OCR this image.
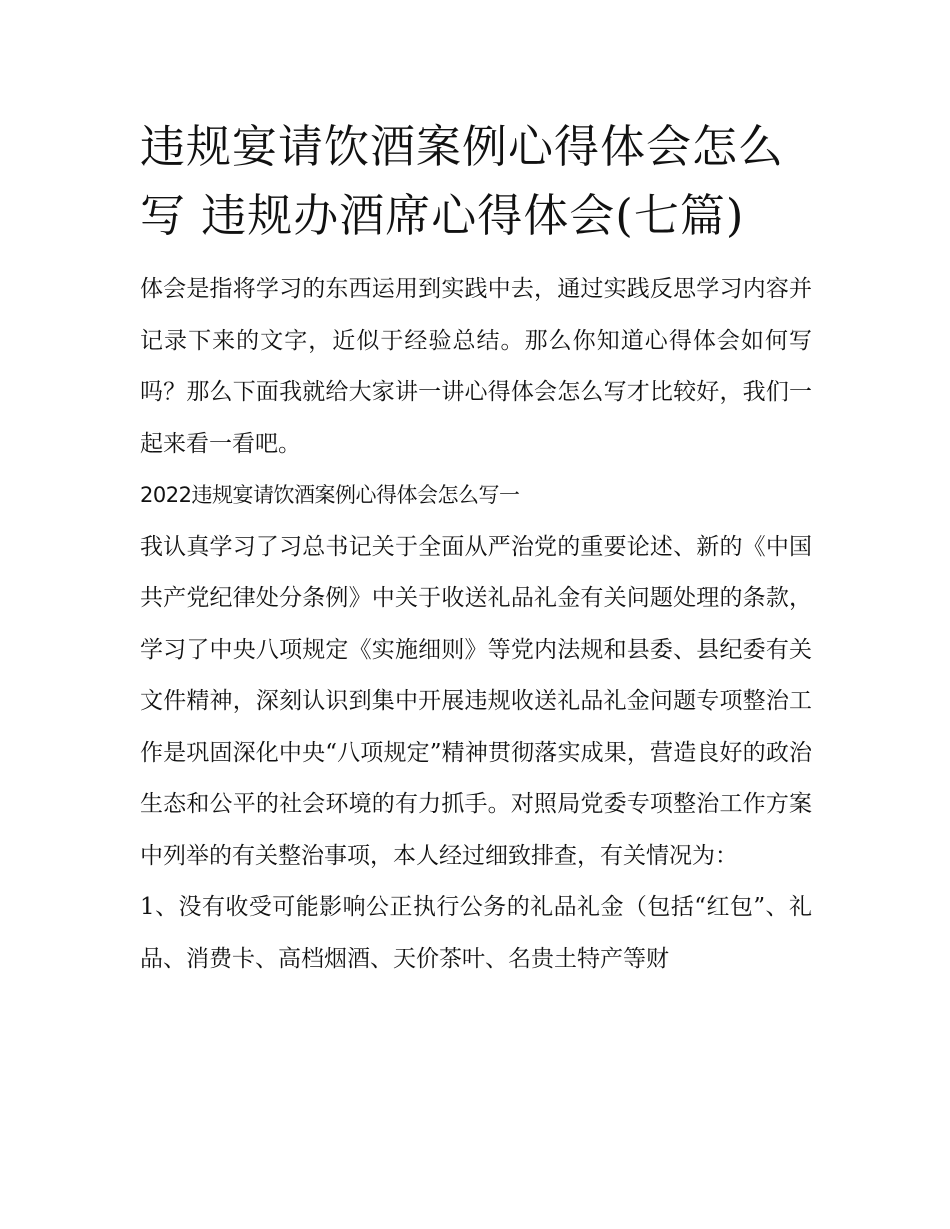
违规宴请饮酒案例心得体会怎么写 违规办酒席心得体会(七篇)

体会是指将学习的东西运用到实践中去，通过实践反思学习内容并记录下来的文字，近似于经验总结。那么你知道心得体会如何写吗？那么下面我就给大家讲一讲心得体会怎么写才比较好，我们一起来看一看吧。

2022违规宴请饮酒案例心得体会怎么写一

我认真学习了习总书记关于全面从严治党的重要论述、新的《中国共产党纪律处分条例》中关于收送礼品礼金有关问题处理的条款，学习了中央八项规定《实施细则》等党内法规和县委、县纪委有关文件精神，深刻认识到集中开展违规收送礼品礼金问题专项整治工作是巩固深化中央“八项规定”精神贯彻落实成果，营造良好的政治生态和公平的社会环境的有力抓手。对照局党委专项整治工作方案中列举的有关整治事项，本人经过细致排查，有关情况为：

1、没有收受可能影响公正执行公务的礼品礼金（包括“红包”、礼品、消费卡、高档烟酒、天价茶叶、名贵土特产等财
